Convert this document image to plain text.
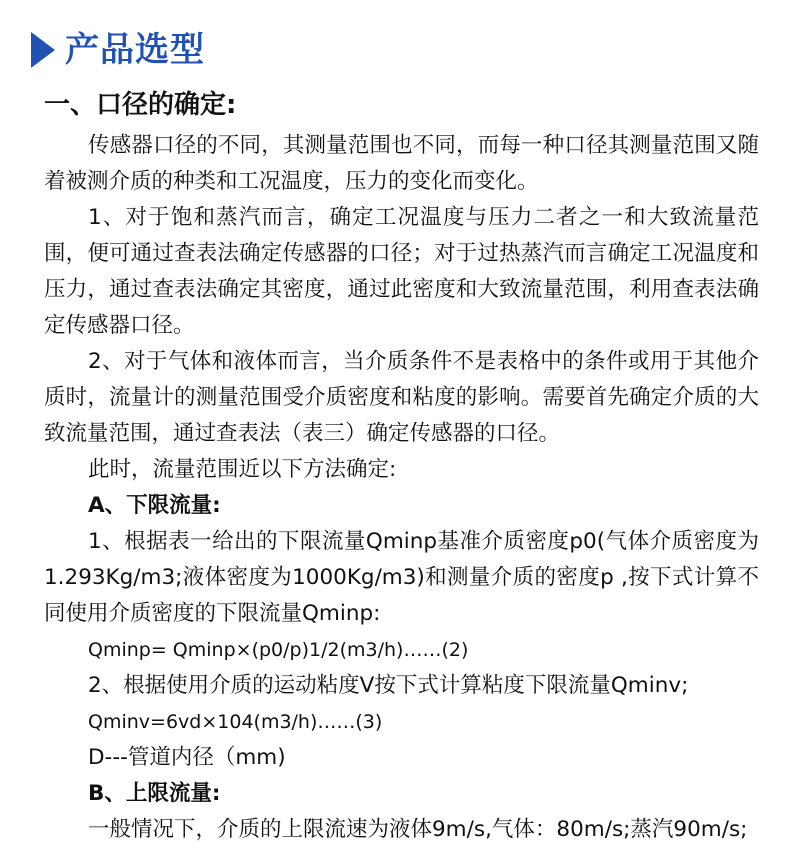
产品选型
一、口径的确定:

传感器口径的不同，其测量范围也不同，而每一种口径其测量范围又随着被测介质的种类和工况温度，压力的变化而变化。

1、对于饱和蒸汽而言，确定工况温度与压力二者之一和大致流量范围，便可通过查表法确定传感器的口径；对于过热蒸汽而言确定工况温度和压力，通过查表法确定其密度，通过此密度和大致流量范围，利用查表法确定传感器口径。

2、对于气体和液体而言，当介质条件不是表格中的条件或用于其他介质时，流量计的测量范围受介质密度和粘度的影响。需要首先确定介质的大致流量范围，通过查表法（表三）确定传感器的口径。

此时，流量范围近以下方法确定:

A、下限流量:

1、根据表一给出的下限流量Qminp基准介质密度p0(气体介质密度为1.293Kg/m3;液体密度为1000Kg/m3)和测量介质的密度p ,按下式计算不同使用介质密度的下限流量Qminp:

Qminp= Qminp×(p0/p)1/2(m3/h)……(2)

2、根据使用介质的运动粘度V按下式计算粘度下限流量Qminv;

Qminv=6vd×104(m3/h)……(3)

D---管道内径（mm)

B、上限流量:

一般情况下，介质的上限流速为液体9m/s,气体：80m/s;蒸汽90m/s;
